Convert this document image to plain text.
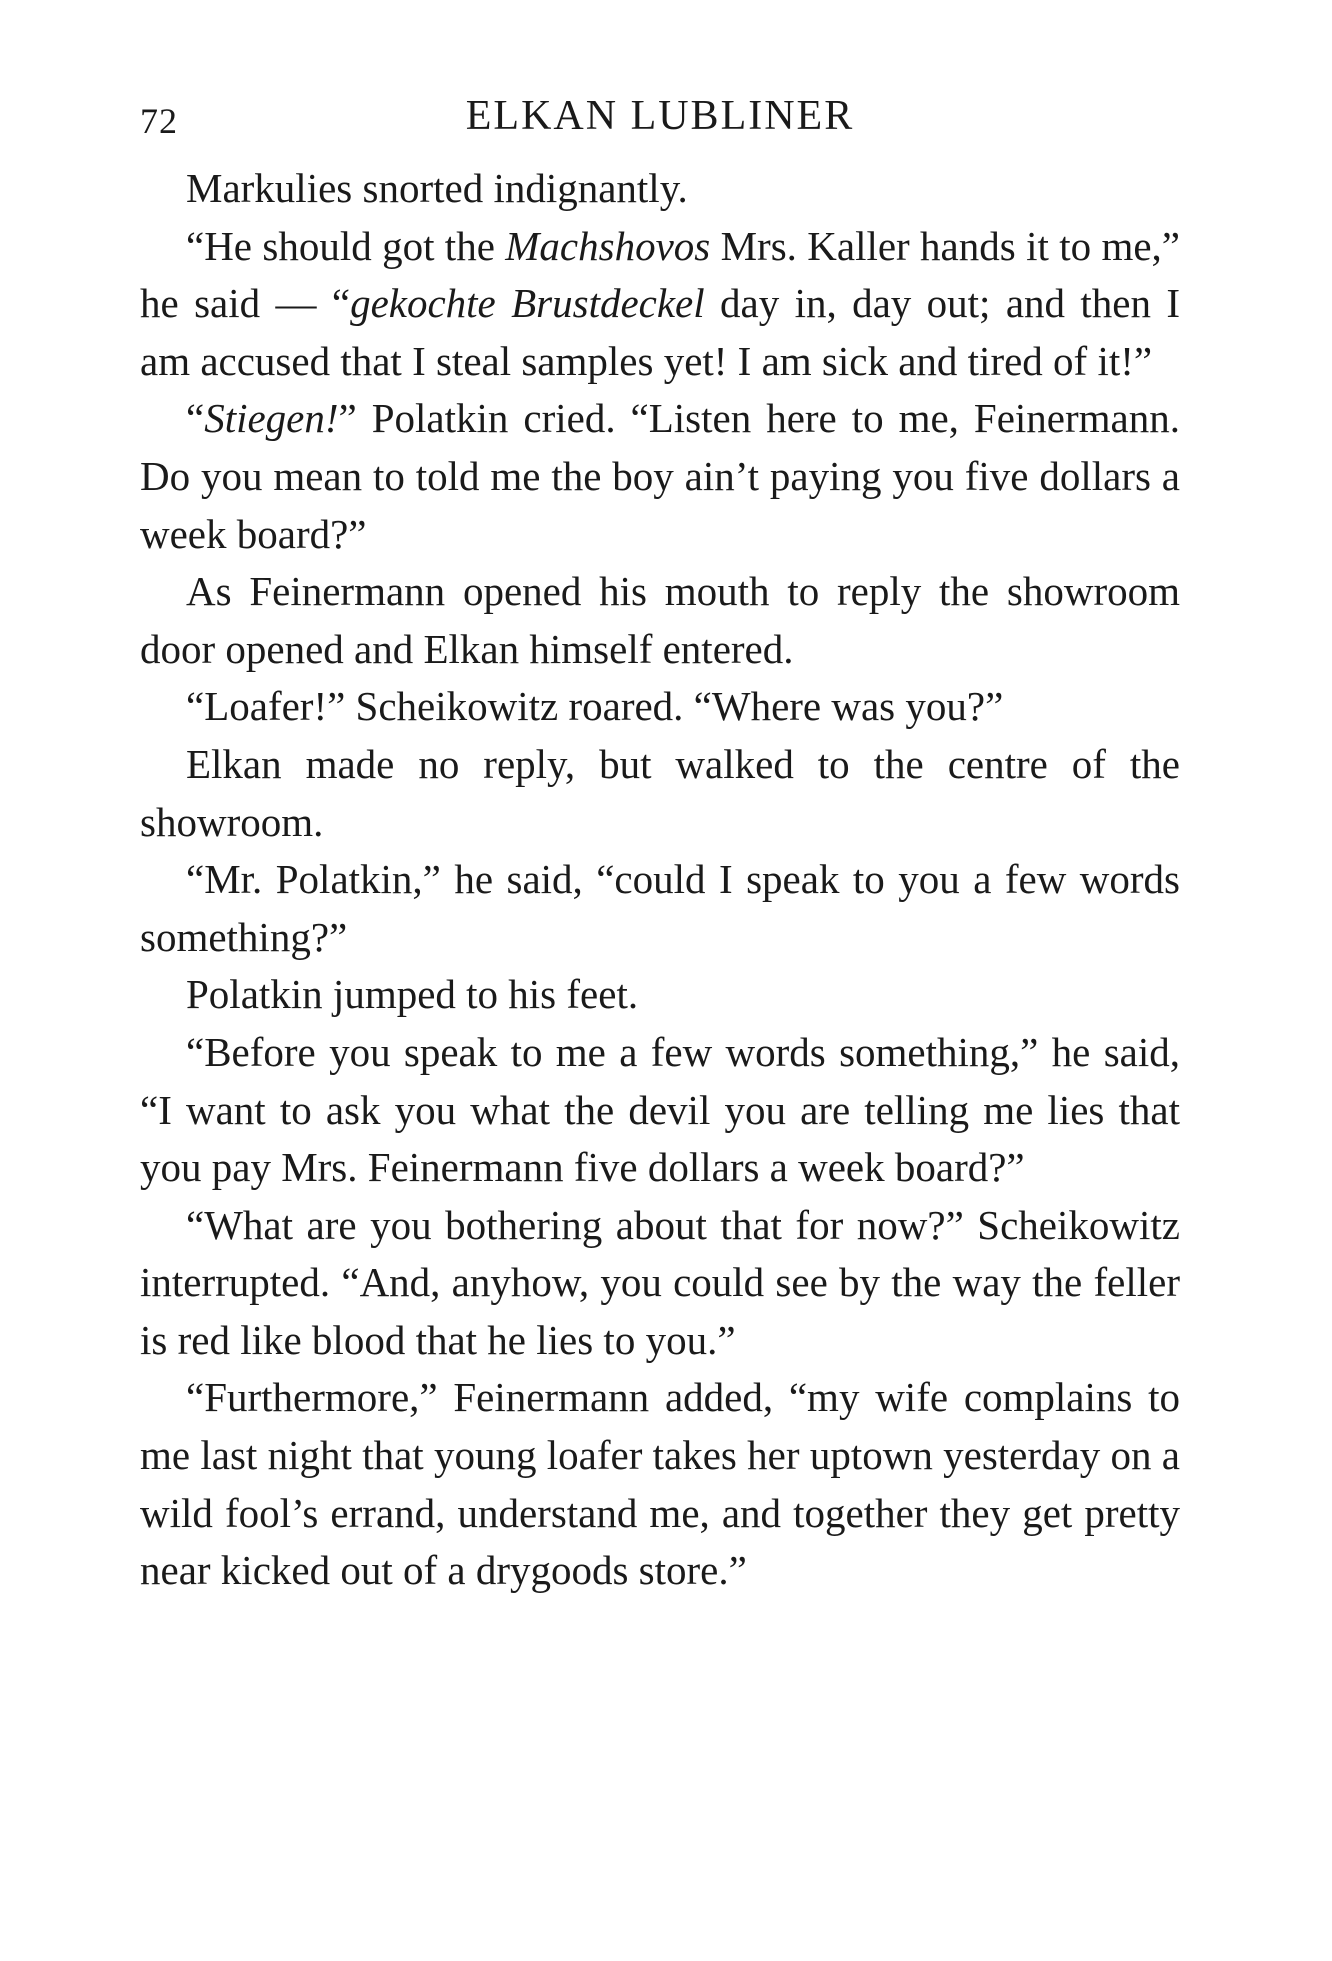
72	ELKAN LUBLINER

Markulies snorted indignantly.

“He should got the Machshovos Mrs. Kaller hands it to me,” he said — “gekochte Brustdeckel day in, day out; and then I am accused that I steal samples yet! I am sick and tired of it!”

“Stiegen!” Polatkin cried. “Listen here to me, Feinermann. Do you mean to told me the boy ain’t paying you five dollars a week board?”

As Feinermann opened his mouth to reply the showroom door opened and Elkan himself entered.

“Loafer!” Scheikowitz roared. “Where was you?”

Elkan made no reply, but walked to the centre of the showroom.

“Mr. Polatkin,” he said, “could I speak to you a few words something?”

Polatkin jumped to his feet.

“Before you speak to me a few words something,” he said, “I want to ask you what the devil you are telling me lies that you pay Mrs. Feinermann five dollars a week board?”

“What are you bothering about that for now?” Scheikowitz interrupted. “And, anyhow, you could see by the way the feller is red like blood that he lies to you.”

“Furthermore,” Feinermann added, “my wife complains to me last night that young loafer takes her uptown yesterday on a wild fool’s errand, understand me, and together they get pretty near kicked out of a drygoods store.”
